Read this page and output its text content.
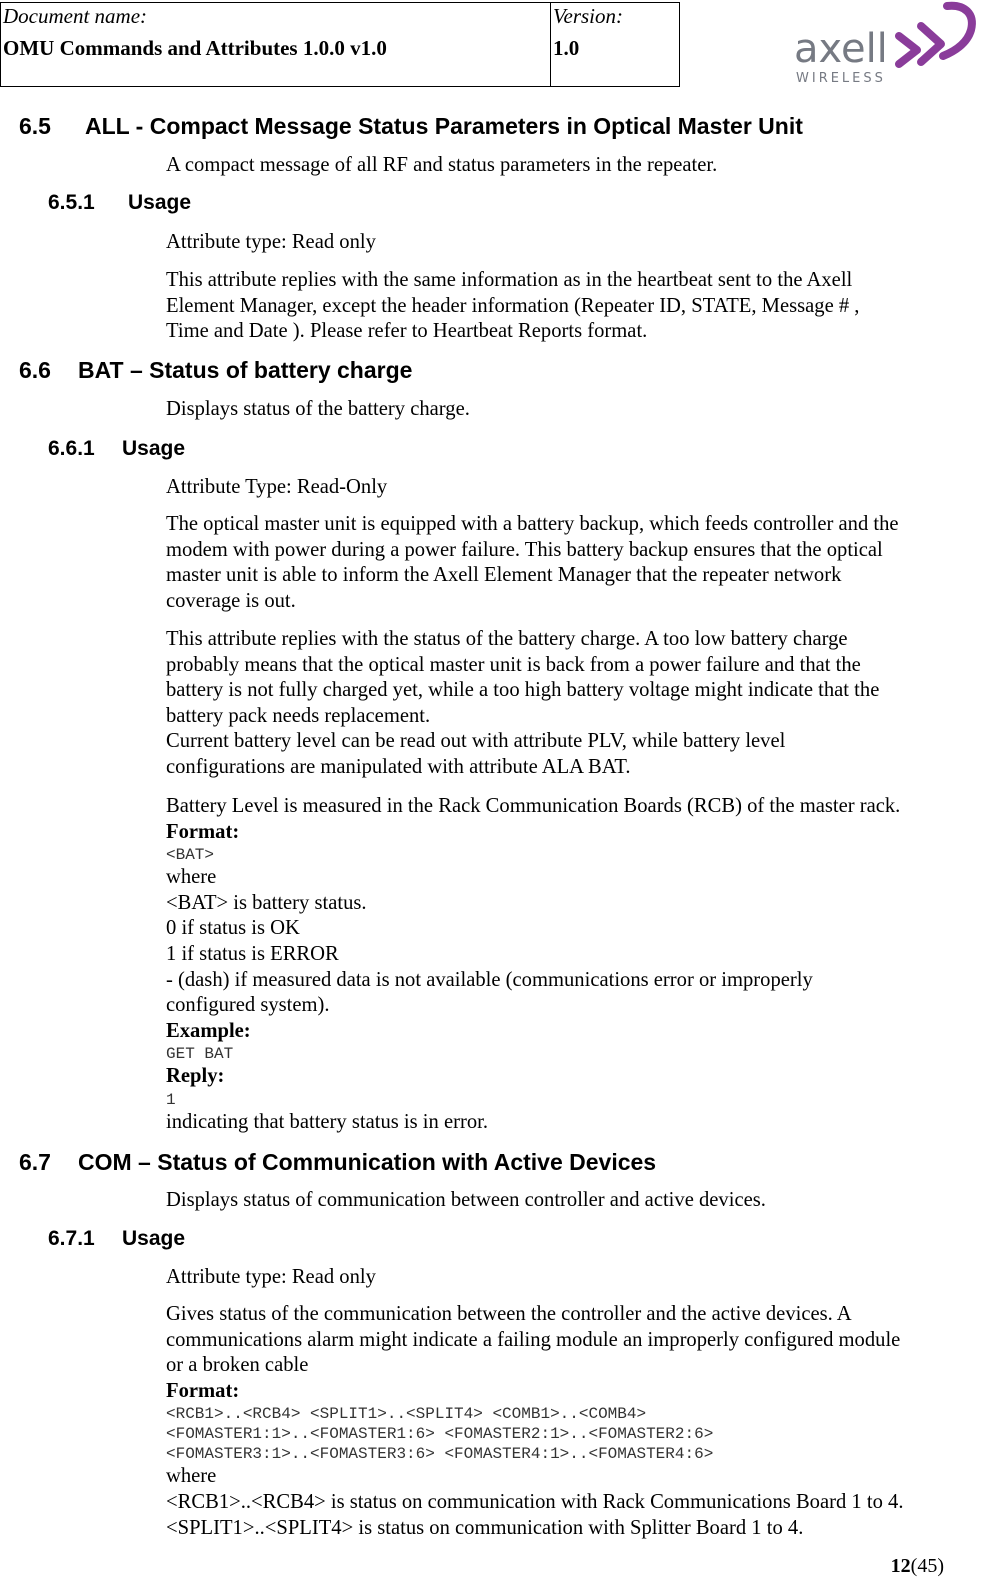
Document name:
OMU Commands and Attributes 1.0.0 v1.0
Version:
1.0	axell
WIRELESS
6.5 ALL - Compact Message Status Parameters in Optical Master Unit

A compact message of all RF and status parameters in the repeater.

6.5.1 Usage

Attribute type: Read only

This attribute replies with the same information as in the heartbeat sent to the Axell
Element Manager, except the header information (Repeater ID, STATE, Message # ,
Time and Date ). Please refer to Heartbeat Reports format.

6.6 BAT – Status of battery charge

Displays status of the battery charge.

6.6.1 Usage

Attribute Type: Read-Only

The optical master unit is equipped with a battery backup, which feeds controller and the
modem with power during a power failure. This battery backup ensures that the optical
master unit is able to inform the Axell Element Manager that the repeater network
coverage is out.

This attribute replies with the status of the battery charge. A too low battery charge
probably means that the optical master unit is back from a power failure and that the
battery is not fully charged yet, while a too high battery voltage might indicate that the
battery pack needs replacement.
Current battery level can be read out with attribute PLV, while battery level
configurations are manipulated with attribute ALA BAT.

Battery Level is measured in the Rack Communication Boards (RCB) of the master rack.

Format:

<BAT>

where

<BAT> is battery status.

0 if status is OK

1 if status is ERROR

- (dash) if measured data is not available (communications error or improperly

configured system).

Example:

GET BAT

Reply:

1

indicating that battery status is in error.

6.7 COM – Status of Communication with Active Devices

Displays status of communication between controller and active devices.

6.7.1 Usage

Attribute type: Read only

Gives status of the communication between the controller and the active devices. A
communications alarm might indicate a failing module an improperly configured module
or a broken cable

Format:

<RCB1>..<RCB4> <SPLIT1>..<SPLIT4> <COMB1>..<COMB4>
<FOMASTER1:1>..<FOMASTER1:6> <FOMASTER2:1>..<FOMASTER2:6>
<FOMASTER3:1>..<FOMASTER3:6> <FOMASTER4:1>..<FOMASTER4:6>

where

<RCB1>..<RCB4> is status on communication with Rack Communications Board 1 to 4.

<SPLIT1>..<SPLIT4> is status on communication with Splitter Board 1 to 4.

12(45)
